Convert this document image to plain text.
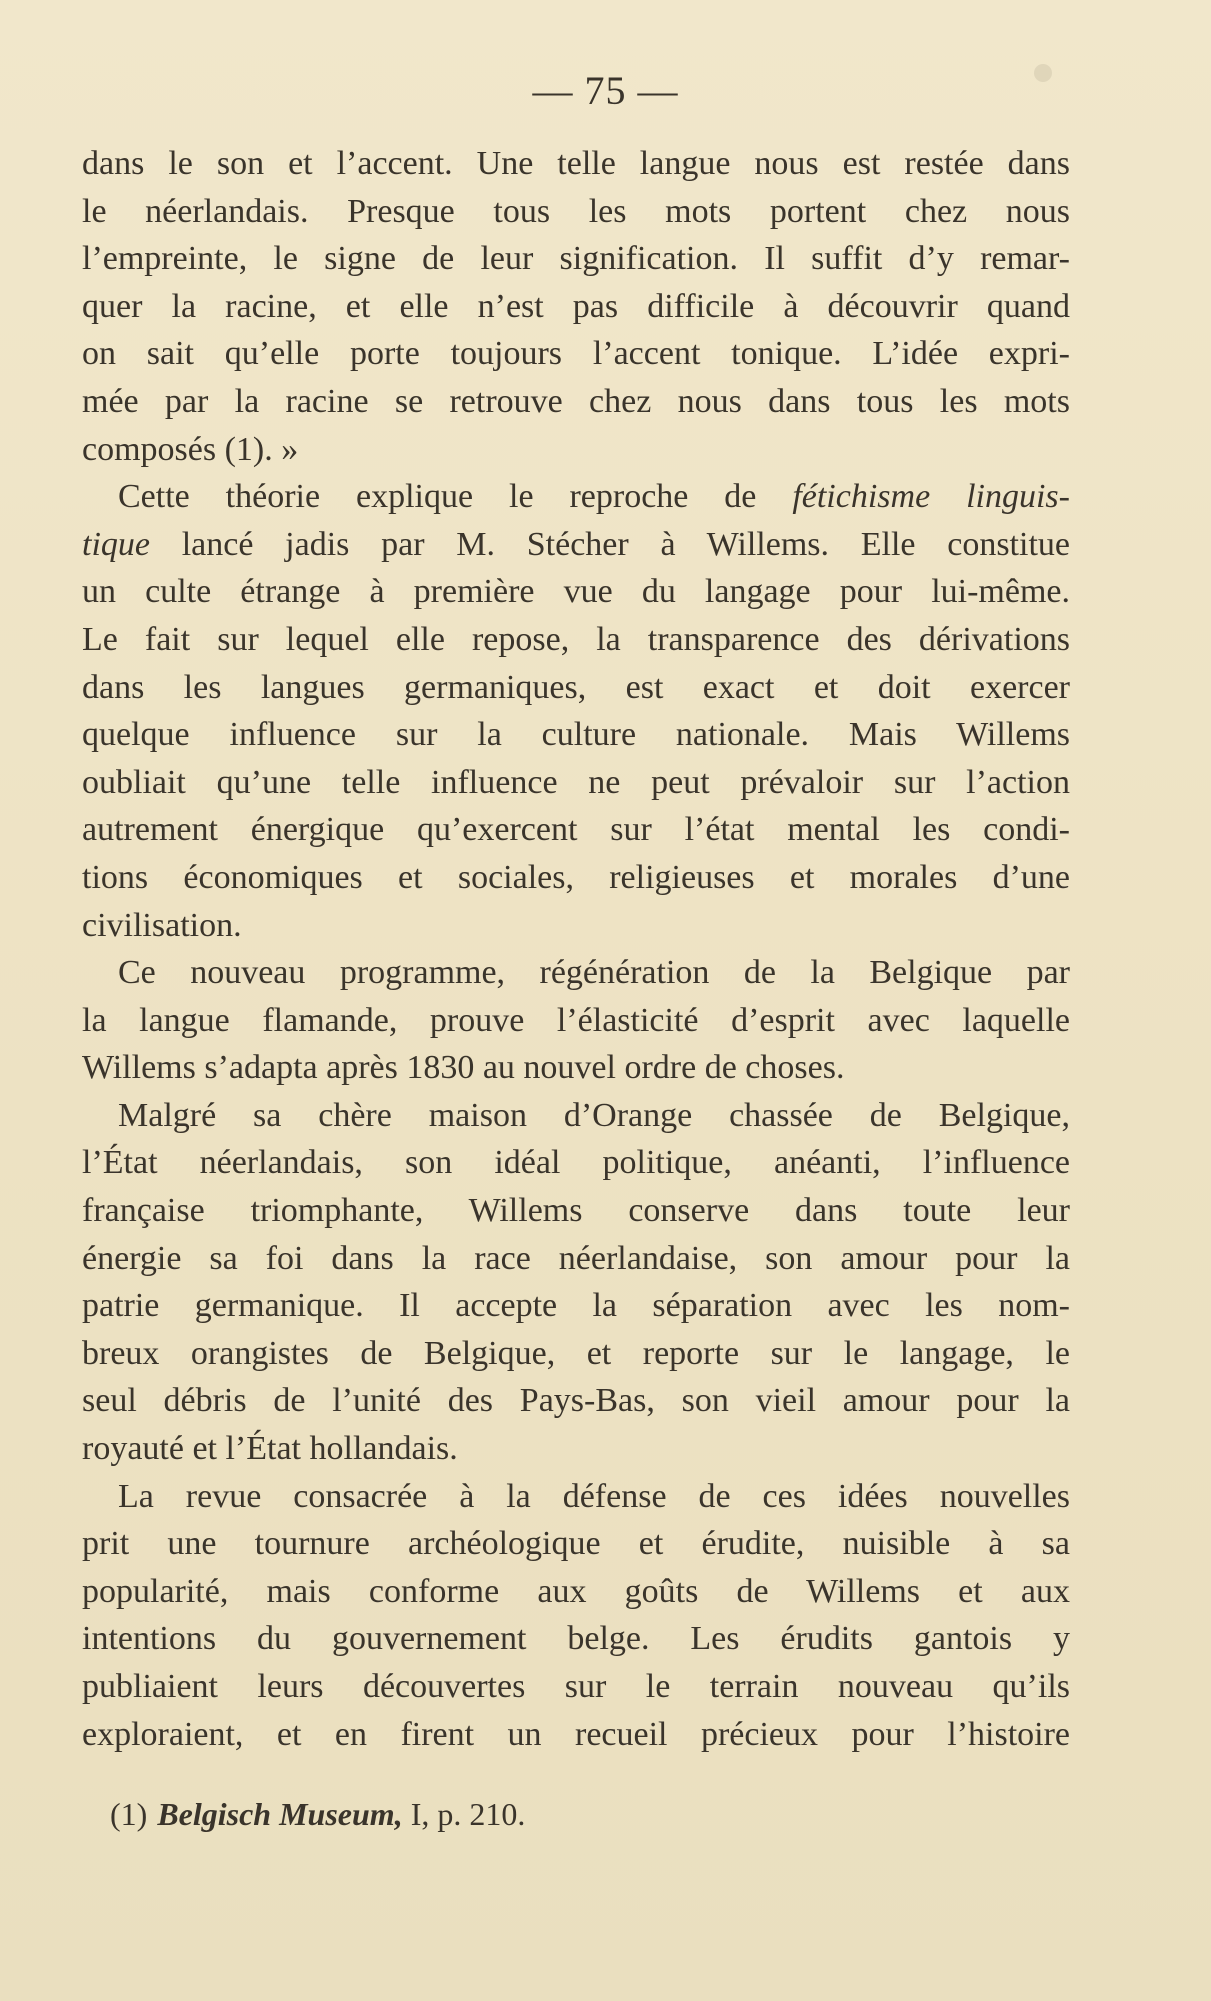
— 75 —
dans le son et l’accent. Une telle langue nous est restée dans
le néerlandais. Presque tous les mots portent chez nous
l’empreinte, le signe de leur signification. Il suffit d’y remar-
quer la racine, et elle n’est pas difficile à découvrir quand
on sait qu’elle porte toujours l’accent tonique. L’idée expri-
mée par la racine se retrouve chez nous dans tous les mots
composés (1). »
Cette théorie explique le reproche de fétichisme linguis-
tique lancé jadis par M. Stécher à Willems. Elle constitue
un culte étrange à première vue du langage pour lui-même.
Le fait sur lequel elle repose, la transparence des dérivations
dans les langues germaniques, est exact et doit exercer
quelque influence sur la culture nationale. Mais Willems
oubliait qu’une telle influence ne peut prévaloir sur l’action
autrement énergique qu’exercent sur l’état mental les condi-
tions économiques et sociales, religieuses et morales d’une
civilisation.
Ce nouveau programme, régénération de la Belgique par
la langue flamande, prouve l’élasticité d’esprit avec laquelle
Willems s’adapta après 1830 au nouvel ordre de choses.
Malgré sa chère maison d’Orange chassée de Belgique,
l’État néerlandais, son idéal politique, anéanti, l’influence
française triomphante, Willems conserve dans toute leur
énergie sa foi dans la race néerlandaise, son amour pour la
patrie germanique. Il accepte la séparation avec les nom-
breux orangistes de Belgique, et reporte sur le langage, le
seul débris de l’unité des Pays-Bas, son vieil amour pour la
royauté et l’État hollandais.
La revue consacrée à la défense de ces idées nouvelles
prit une tournure archéologique et érudite, nuisible à sa
popularité, mais conforme aux goûts de Willems et aux
intentions du gouvernement belge. Les érudits gantois y
publiaient leurs découvertes sur le terrain nouveau qu’ils
exploraient, et en firent un recueil précieux pour l’histoire
(1) Belgisch Museum, I, p. 210.
